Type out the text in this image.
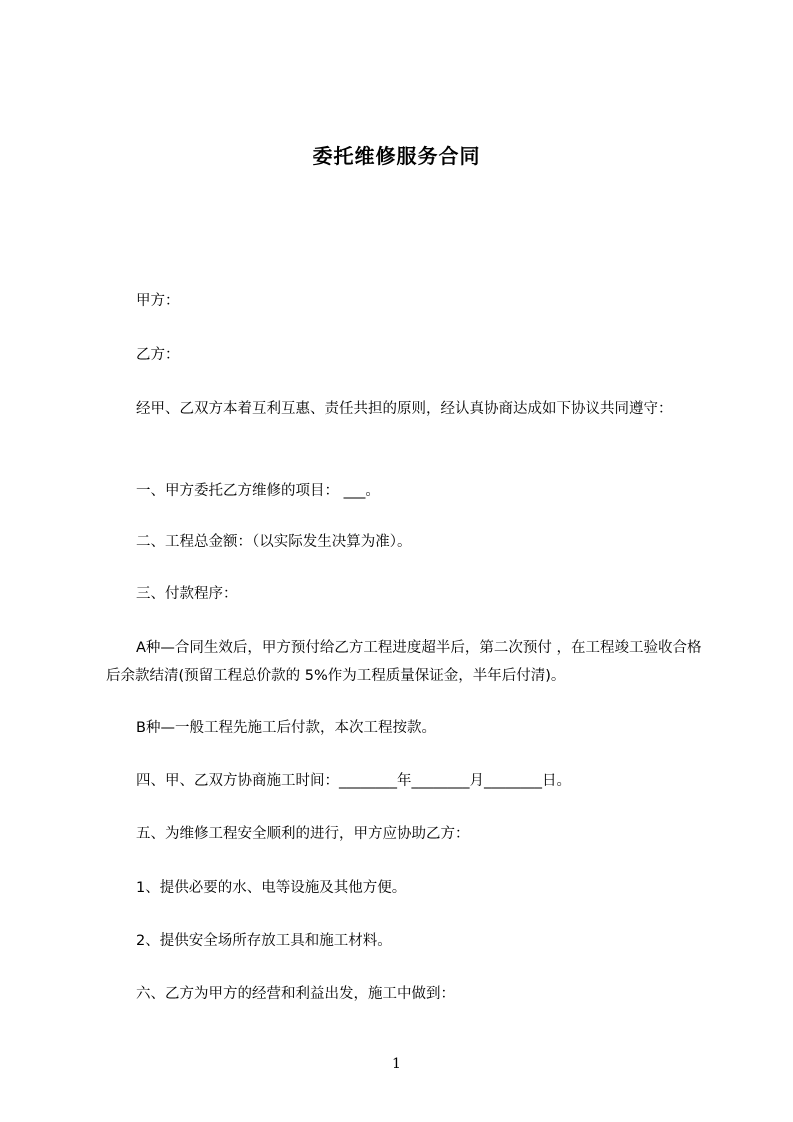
委托维修服务合同
甲方：
乙方：
经甲、乙双方本着互利互惠、责任共担的原则，经认真协商达成如下协议共同遵守：
一、甲方委托乙方维修的项目： ___。
二、工程总金额：（以实际发生决算为准）。
三、付款程序：
A种—合同生效后，甲方预付给乙方工程进度超半后，第二次预付 ，在工程竣工验收合格后余款结清(预留工程总价款的 5%作为工程质量保证金，半年后付清)。
B种—一般工程先施工后付款，本次工程按款。
四、甲、乙双方协商施工时间：________年________月________日。
五、为维修工程安全顺利的进行，甲方应协助乙方：
1、提供必要的水、电等设施及其他方便。
2、提供安全场所存放工具和施工材料。
六、乙方为甲方的经营和利益出发，施工中做到：
1
